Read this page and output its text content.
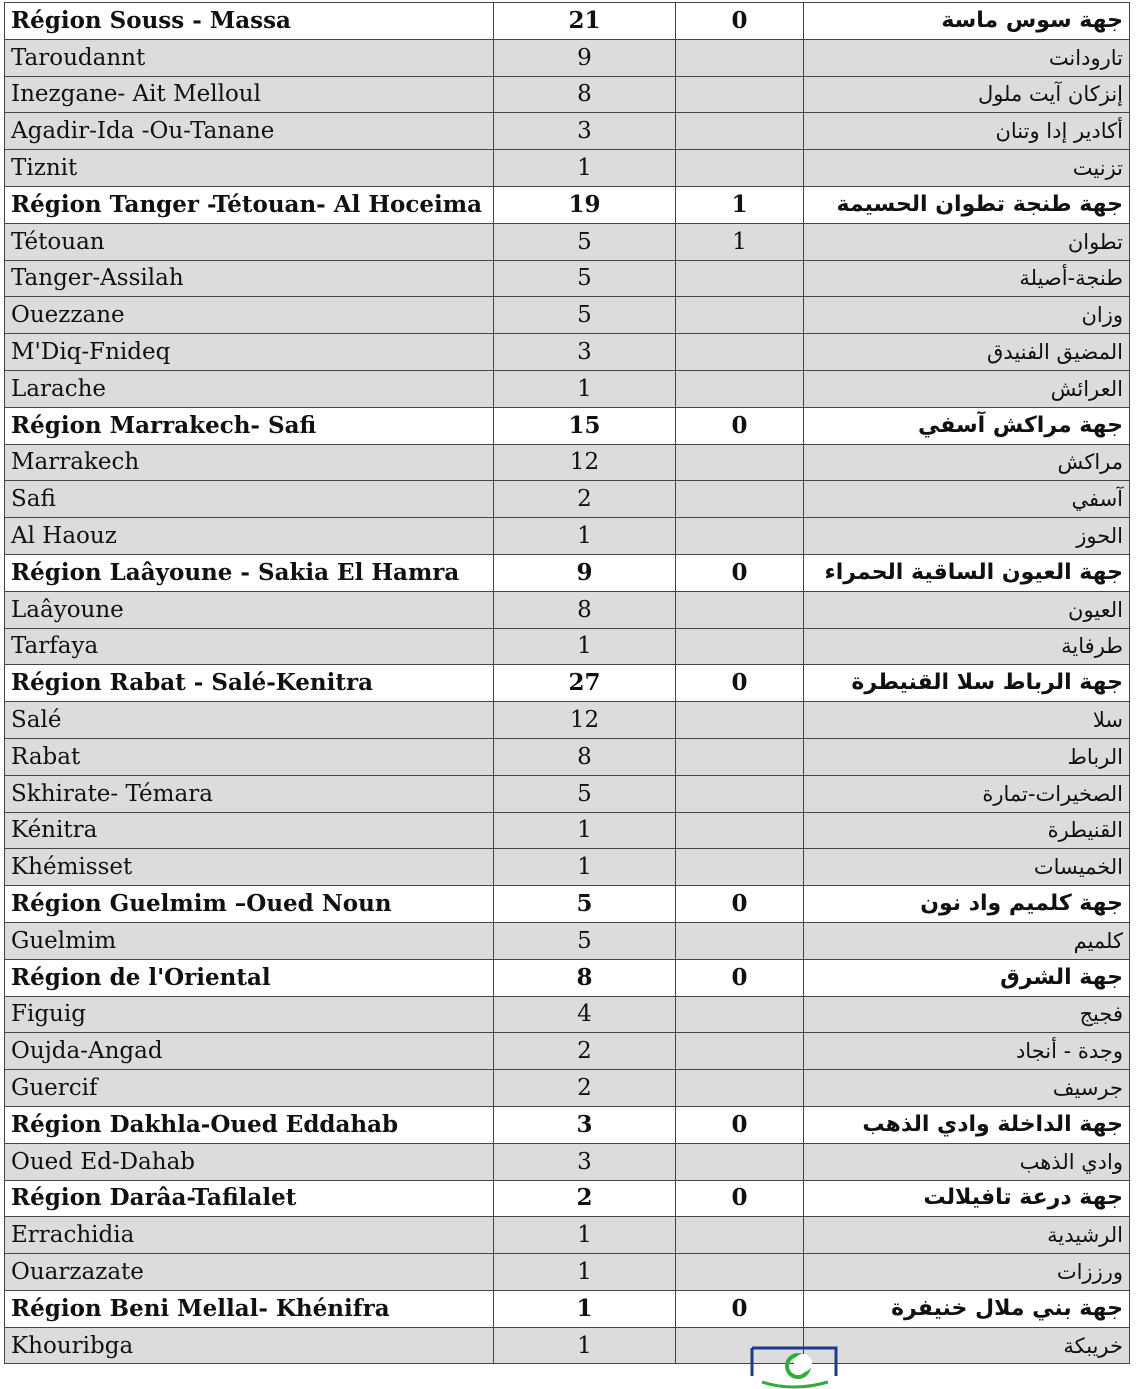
Région Souss - Massa	21	0	جهة سوس ماسة
Taroudannt	9		تارودانت
Inezgane- Ait Melloul	8		إنزكان آيت ملول
Agadir-Ida -Ou-Tanane	3		أكادير إدا وتنان
Tiznit	1		تزنيت
Région Tanger -Tétouan- Al Hoceima	19	1	جهة طنجة تطوان الحسيمة
Tétouan	5	1	تطوان
Tanger-Assilah	5		طنجة-أصيلة
Ouezzane	5		وزان
M'Diq-Fnideq	3		المضيق الفنيدق
Larache	1		العرائش
Région Marrakech- Safi	15	0	جهة مراكش آسفي
Marrakech	12		مراكش
Safi	2		آسفي
Al Haouz	1		الحوز
Région Laâyoune - Sakia El Hamra	9	0	جهة العيون الساقية الحمراء
Laâyoune	8		العيون
Tarfaya	1		طرفاية
Région Rabat - Salé-Kenitra	27	0	جهة الرباط سلا القنيطرة
Salé	12		سلا
Rabat	8		الرباط
Skhirate- Témara	5		الصخيرات-تمارة
Kénitra	1		القنيطرة
Khémisset	1		الخميسات
Région Guelmim –Oued Noun	5	0	جهة كلميم واد نون
Guelmim	5		كلميم
Région de l'Oriental	8	0	جهة الشرق
Figuig	4		فجيج
Oujda-Angad	2		وجدة - أنجاد
Guercif	2		جرسيف
Région Dakhla-Oued Eddahab	3	0	جهة الداخلة وادي الذهب
Oued Ed-Dahab	3		وادي الذهب
Région Darâa-Tafilalet	2	0	جهة درعة تافيلالت
Errachidia	1		الرشيدية
Ouarzazate	1		ورززات
Région Beni Mellal- Khénifra	1	0	جهة بني ملال خنيفرة
Khouribga	1		خريبكة
